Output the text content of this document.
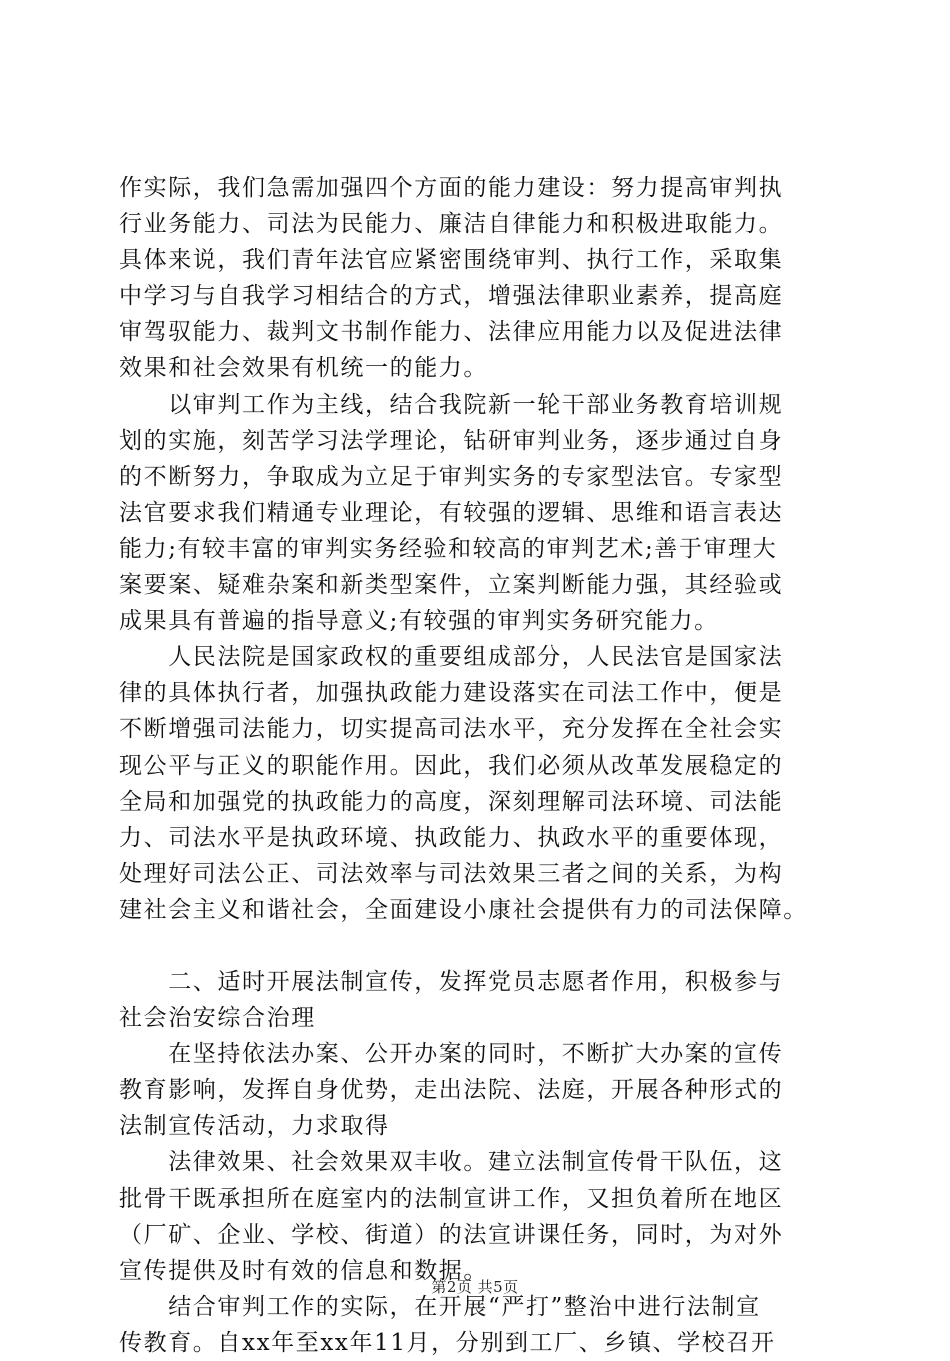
作实际，我们急需加强四个方面的能力建设：努力提高审判执
行业务能力、司法为民能力、廉洁自律能力和积极进取能力。
具体来说，我们青年法官应紧密围绕审判、执行工作，采取集
中学习与自我学习相结合的方式，增强法律职业素养，提高庭
审驾驭能力、裁判文书制作能力、法律应用能力以及促进法律
效果和社会效果有机统一的能力。
　　以审判工作为主线，结合我院新一轮干部业务教育培训规
划的实施，刻苦学习法学理论，钻研审判业务，逐步通过自身
的不断努力，争取成为立足于审判实务的专家型法官。专家型
法官要求我们精通专业理论，有较强的逻辑、思维和语言表达
能力;有较丰富的审判实务经验和较高的审判艺术;善于审理大
案要案、疑难杂案和新类型案件，立案判断能力强，其经验或
成果具有普遍的指导意义;有较强的审判实务研究能力。
　　人民法院是国家政权的重要组成部分，人民法官是国家法
律的具体执行者，加强执政能力建设落实在司法工作中，便是
不断增强司法能力，切实提高司法水平，充分发挥在全社会实
现公平与正义的职能作用。因此，我们必须从改革发展稳定的
全局和加强党的执政能力的高度，深刻理解司法环境、司法能
力、司法水平是执政环境、执政能力、执政水平的重要体现，
处理好司法公正、司法效率与司法效果三者之间的关系，为构
建社会主义和谐社会，全面建设小康社会提供有力的司法保障。
　　二、适时开展法制宣传，发挥党员志愿者作用，积极参与
社会治安综合治理
　　在坚持依法办案、公开办案的同时，不断扩大办案的宣传
教育影响，发挥自身优势，走出法院、法庭，开展各种形式的
法制宣传活动，力求取得
　　法律效果、社会效果双丰收。建立法制宣传骨干队伍，这
批骨干既承担所在庭室内的法制宣讲工作，又担负着所在地区
（厂矿、企业、学校、街道）的法宣讲课任务，同时，为对外
宣传提供及时有效的信息和数据。
　　结合审判工作的实际，在开展“严打”整治中进行法制宣
传教育。自xx年至xx年11月，分别到工厂、乡镇、学校召开
第2页 共5页
